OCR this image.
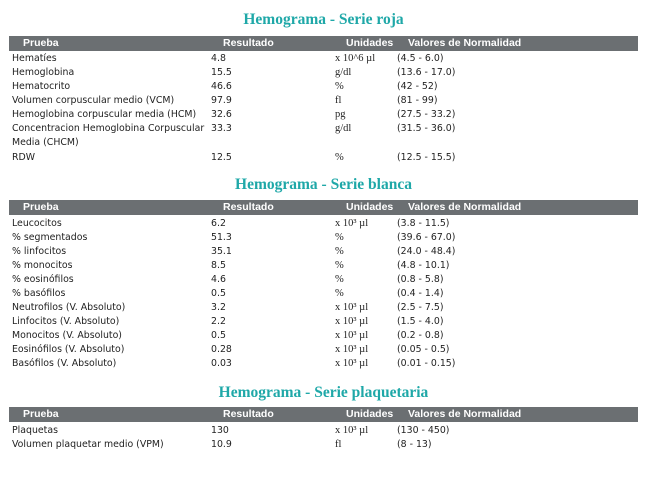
Hemograma - Serie roja
Prueba	Resultado	Unidades Valores de Normalidad
Hematíes	4.8	x 10^6 µl (4.5 - 6.0)
Hemoglobina	15.5	g/dl	(13.6 - 17.0)
Hematocrito	46.6	%	(42 - 52)
Volumen corpuscular medio (VCM)	97.9	fl	(81 - 99)
Hemoglobina corpuscular media (HCM) 32.6	pg	(27.5 - 33.2)
Concentracion Hemoglobina Corpuscular 33.3	g/dl	(31.5 - 36.0)
Media (CHCM)
RDW	12.5	%	(12.5 - 15.5)
Hemograma - Serie blanca
Prueba	Resultado	Unidades Valores de Normalidad
Leucocitos	6.2	x 10³ µl	(3.8 - 11.5)
% segmentados	51.3	%	(39.6 - 67.0)
% linfocitos	35.1	%	(24.0 - 48.4)
% monocitos	8.5	%	(4.8 - 10.1)
% eosinófilos	4.6	%	(0.8 - 5.8)
% basófilos	0.5	%	(0.4 - 1.4)
Neutrofilos (V. Absoluto)	3.2	x 10³ µl	(2.5 - 7.5)
Linfocitos (V. Absoluto)	2.2	x 10³ µl	(1.5 - 4.0)
Monocitos (V. Absoluto)	0.5	x 10³ µl	(0.2 - 0.8)
Eosinófilos (V. Absoluto)	0.28	x 10³ µl	(0.05 - 0.5)
Basófilos (V. Absoluto)	0.03	x 10³ µl	(0.01 - 0.15)
Hemograma - Serie plaquetaria
Prueba	Resultado	Unidades Valores de Normalidad
Plaquetas	130	x 10³ µl	(130 - 450)
Volumen plaquetar medio (VPM)	10.9	fl	(8 - 13)
